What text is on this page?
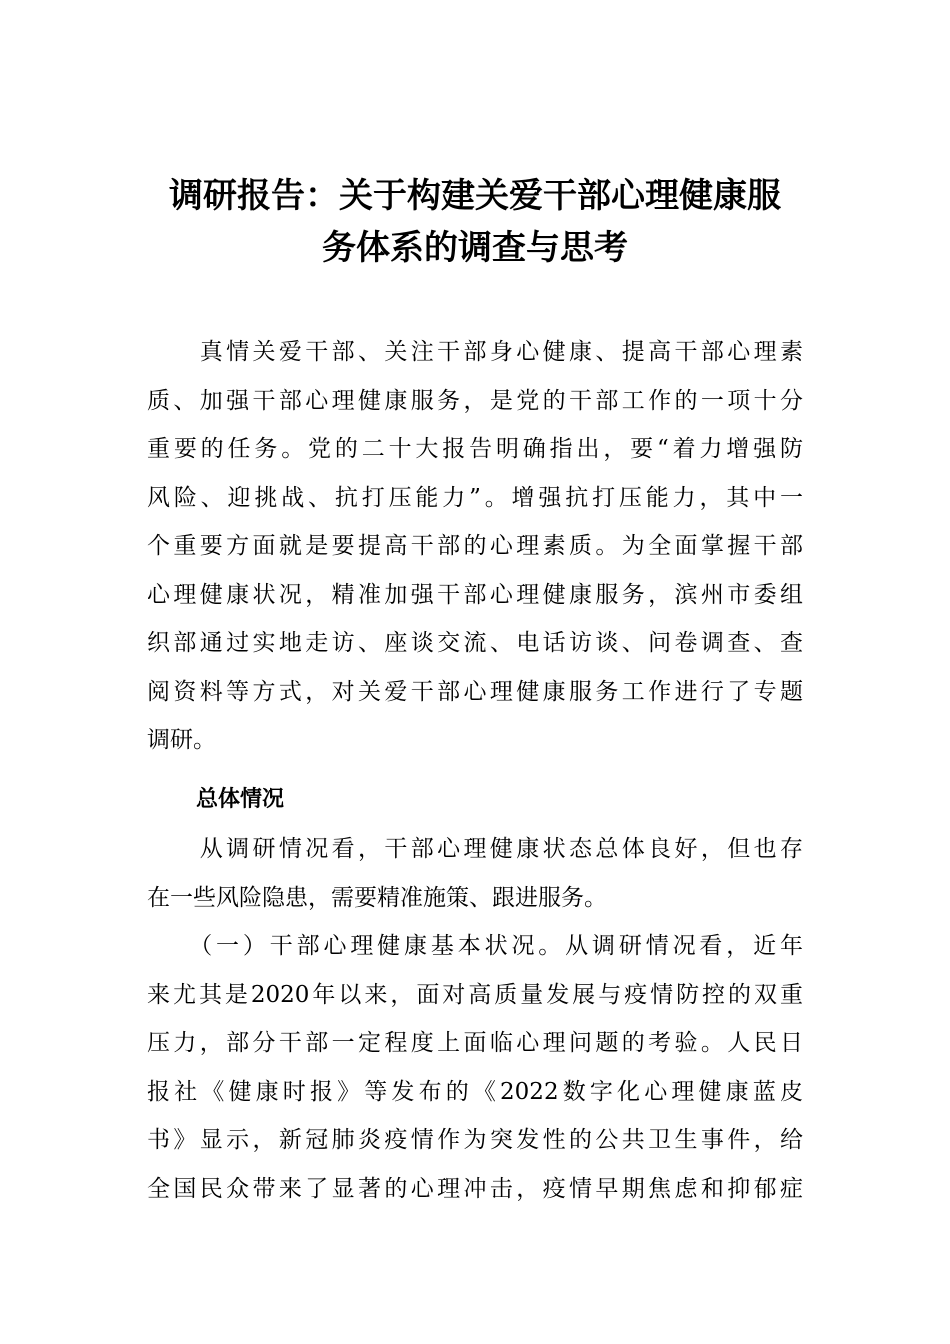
调研报告：关于构建关爱干部心理健康服
务体系的调查与思考
　　真情关爱干部、关注干部身心健康、提高干部心理素
质、加强干部心理健康服务，是党的干部工作的一项十分
重要的任务。党的二十大报告明确指出，要“着力增强防
风险、迎挑战、抗打压能力”。增强抗打压能力，其中一
个重要方面就是要提高干部的心理素质。为全面掌握干部
心理健康状况，精准加强干部心理健康服务，滨州市委组
织部通过实地走访、座谈交流、电话访谈、问卷调查、查
阅资料等方式，对关爱干部心理健康服务工作进行了专题
调研。
总体情况
　　从调研情况看，干部心理健康状态总体良好，但也存
在一些风险隐患，需要精准施策、跟进服务。
　　（一）干部心理健康基本状况。从调研情况看，近年
来尤其是2020年以来，面对高质量发展与疫情防控的双重
压力，部分干部一定程度上面临心理问题的考验。人民日
报社《健康时报》等发布的《2022数字化心理健康蓝皮
书》显示，新冠肺炎疫情作为突发性的公共卫生事件，给
全国民众带来了显著的心理冲击，疫情早期焦虑和抑郁症
